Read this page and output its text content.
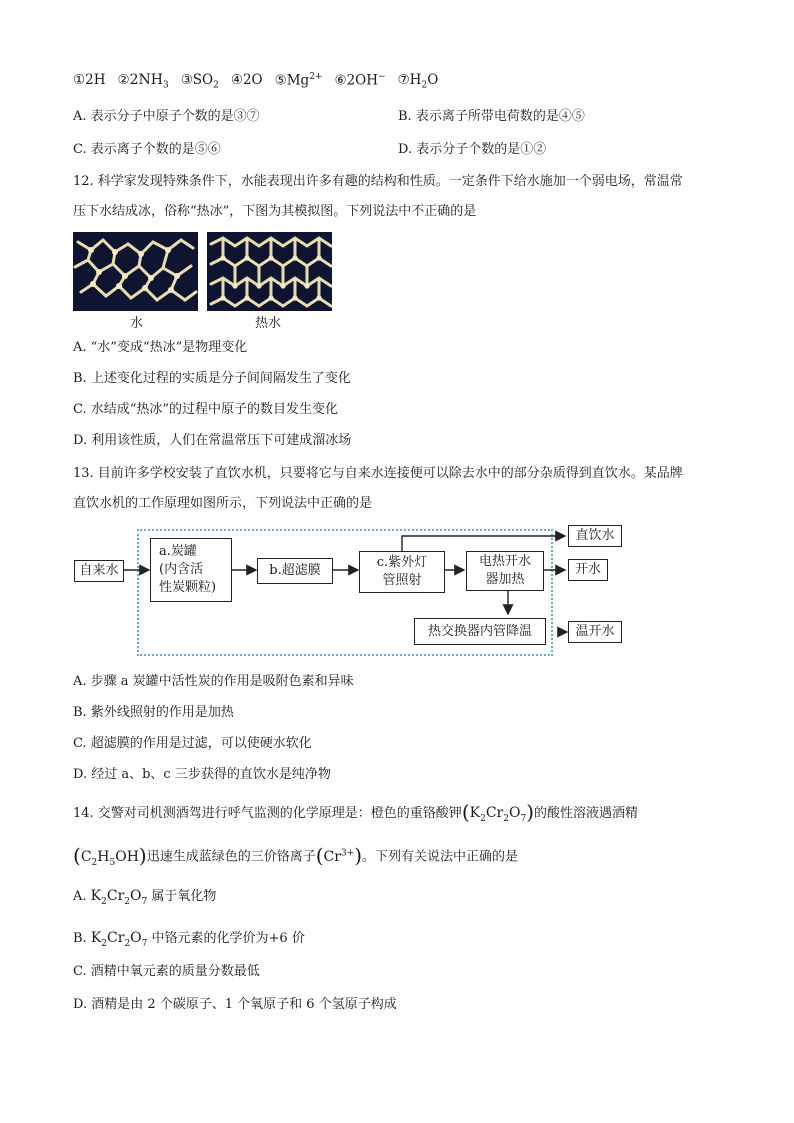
①2H $②2NH_3$ $③SO_2$ ④2O $⑤Mg^{2+}$ ⑥2OH− $⑦H_2O$
A. 表示分子中原子个数的是③⑦	B. 表示离子所带电荷数的是④⑤
C. 表示离子个数的是⑤⑥	D. 表示分子个数的是①②
12. 科学家发现特殊条件下，水能表现出许多有趣的结构和性质。一定条件下给水施加一个弱电场，常温常
压下水结成冰，俗称“热冰”，下图为其模拟图。下列说法中不正确的是
水	热水
A. “水”变成“热冰”是物理变化
B. 上述变化过程的实质是分子间间隔发生了变化
C. 水结成“热冰”的过程中原子的数目发生变化
D. 利用该性质，人们在常温常压下可建成溜冰场
13. 目前许多学校安装了直饮水机，只要将它与自来水连接便可以除去水中的部分杂质得到直饮水。某品牌
直饮水机的工作原理如图所示，下列说法中正确的是
自来水
a.炭罐
(内含活
性炭颗粒)
b.超滤膜
c.紫外灯
管照射
电热开水
器加热
热交换器内管降温
直饮水
开水
温开水
A. 步骤 a 炭罐中活性炭的作用是吸附色素和异味
B. 紫外线照射的作用是加热
C. 超滤膜的作用是过滤，可以使硬水软化
D. 经过 a、b、c 三步获得的直饮水是纯净物
14. 交警对司机测酒驾进行呼气监测的化学原理是：橙色的重铬酸钾$(K_2Cr_2O_7)$的酸性溶液遇酒精
$(C_2H_5OH)$迅速生成蓝绿色的三价铬离子$(Cr^{3+})$。下列有关说法中正确的是
A. $K_2Cr_2O_7$ 属于氧化物
B. $K_2Cr_2O_7$ 中铬元素的化学价为+6 价
C. 酒精中氧元素的质量分数最低
D. 酒精是由 2 个碳原子、1 个氧原子和 6 个氢原子构成
